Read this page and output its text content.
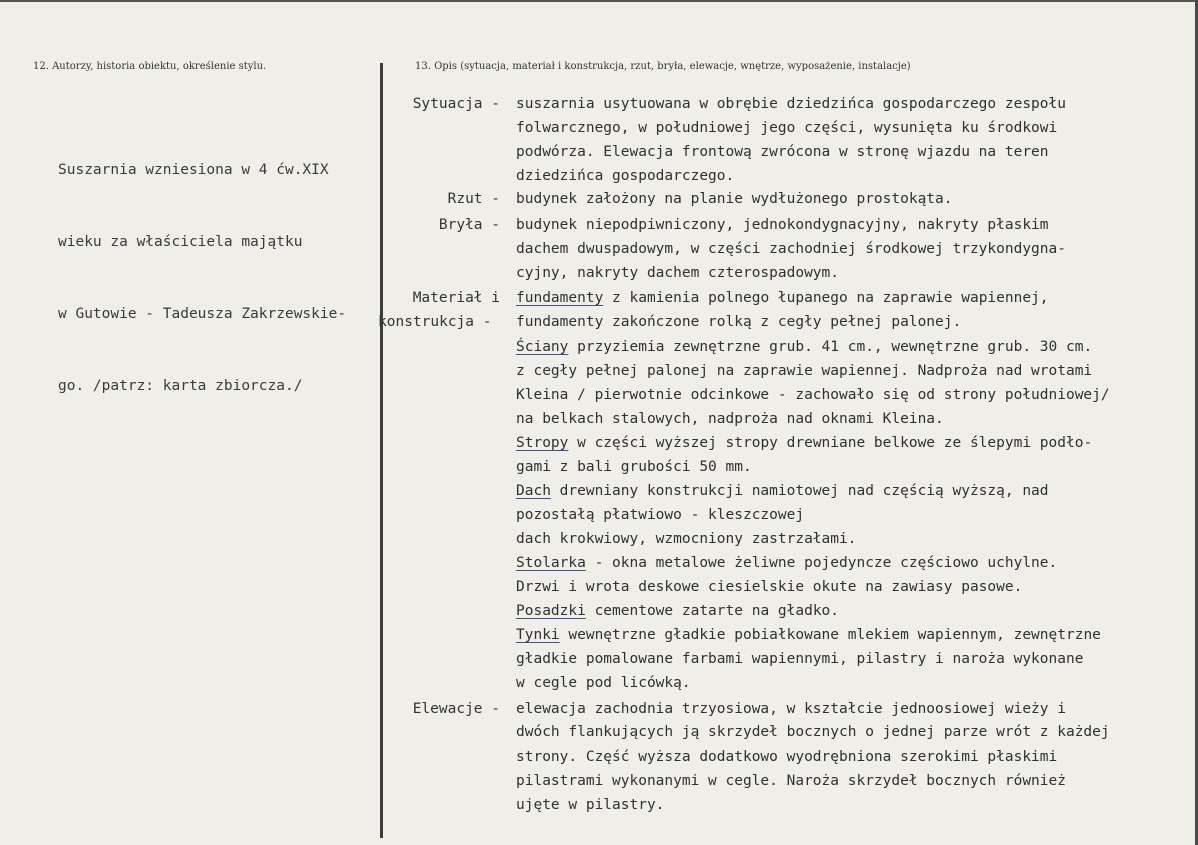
12. Autorzy, historia obiektu, określenie stylu.	13. Opis (sytuacja, materiał i konstrukcja, rzut, bryła, elewacje, wnętrze, wyposażenie, instalacje)

Suszarnia wzniesiona w 4 ćw.XIX

wieku za właściciela majątku

w Gutowie - Tadeusza Zakrzewskie-

go. /patrz: karta zbiorcza./

Sytuacja - suszarnia usytuowana w obrębie dziedzińca gospodarczego zespołu
folwarcznego, w południowej jego części, wysunięta ku środkowi
podwórza. Elewacja frontową zwrócona w stronę wjazdu na teren
dziedzińca gospodarczego.
Rzut - budynek założony na planie wydłużonego prostokąta.
Bryła - budynek niepodpiwniczony, jednokondygnacyjny, nakryty płaskim
dachem dwuspadowym, w części zachodniej środkowej trzykondygna-
cyjny, nakryty dachem czterospadowym.
Materiał i fundamenty z kamienia polnego łupanego na zaprawie wapiennej,
konstrukcja - fundamenty zakończone rolką z cegły pełnej palonej.
Ściany przyziemia zewnętrzne grub. 41 cm., wewnętrzne grub. 30 cm.
z cegły pełnej palonej na zaprawie wapiennej. Nadproża nad wrotami
Kleina / pierwotnie odcinkowe - zachowało się od strony południowej/
na belkach stalowych, nadproża nad oknami Kleina.
Stropy w części wyższej stropy drewniane belkowe ze ślepymi podło-
gami z bali grubości 50 mm.
Dach drewniany konstrukcji namiotowej nad częścią wyższą, nad
pozostałą płatwiowo - kleszczowej
dach krokwiowy, wzmocniony zastrzałami.
Stolarka - okna metalowe żeliwne pojedyncze częściowo uchylne.
Drzwi i wrota deskowe ciesielskie okute na zawiasy pasowe.
Posadzki cementowe zatarte na gładko.
Tynki wewnętrzne gładkie pobiałkowane mlekiem wapiennym, zewnętrzne
gładkie pomalowane farbami wapiennymi, pilastry i naroża wykonane
w cegle pod licówką.
Elewacje - elewacja zachodnia trzyosiowa, w kształcie jednoosiowej wieży i
dwóch flankujących ją skrzydeł bocznych o jednej parze wrót z każdej
strony. Część wyższa dodatkowo wyodrębniona szerokimi płaskimi
pilastrami wykonanymi w cegle. Naroża skrzydeł bocznych również
ujęte w pilastry.
